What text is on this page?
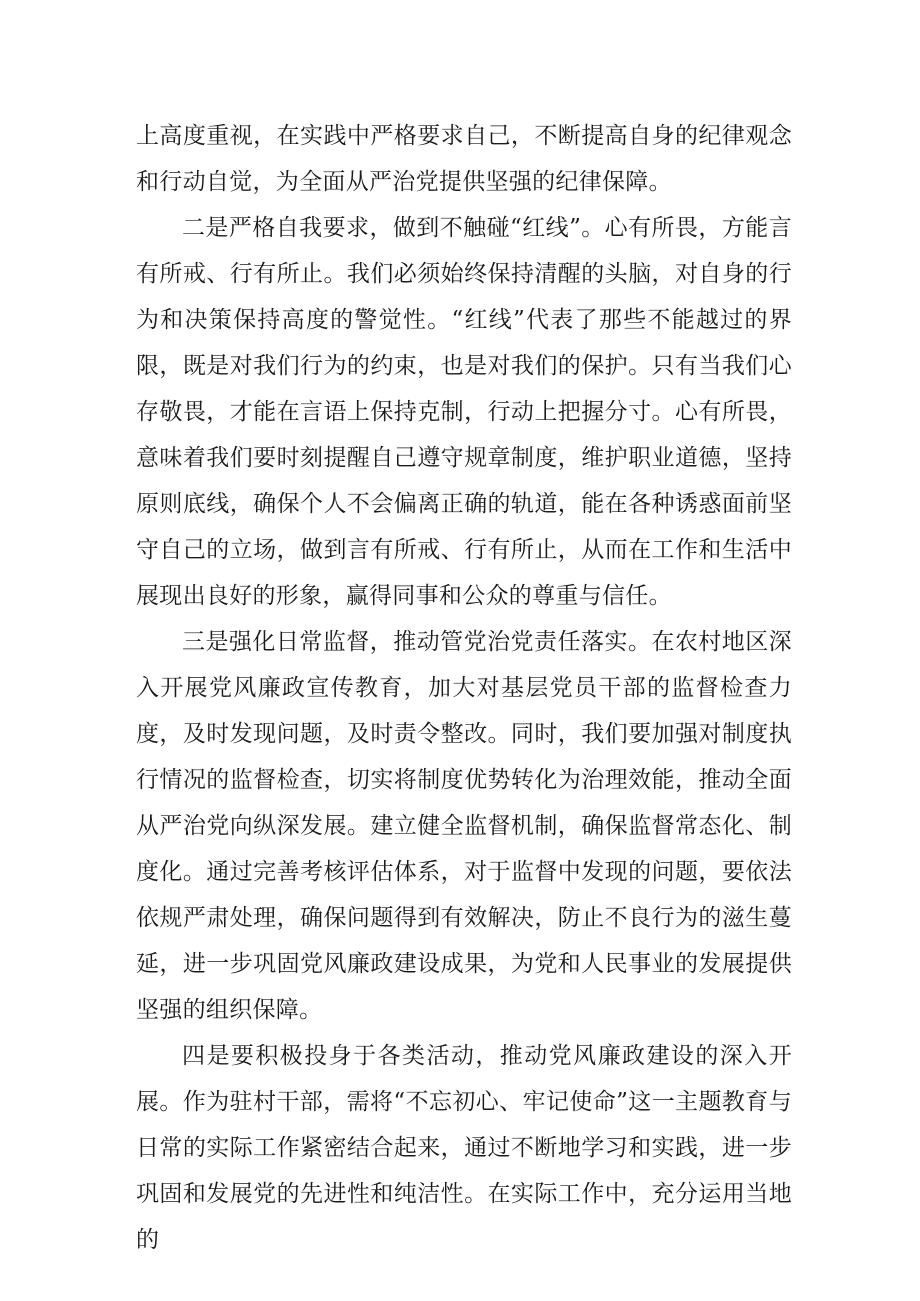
上高度重视，在实践中严格要求自己，不断提高自身的纪律观念和行动自觉，为全面从严治党提供坚强的纪律保障。

二是严格自我要求，做到不触碰“红线”。心有所畏，方能言有所戒、行有所止。我们必须始终保持清醒的头脑，对自身的行为和决策保持高度的警觉性。“红线”代表了那些不能越过的界限，既是对我们行为的约束，也是对我们的保护。只有当我们心存敬畏，才能在言语上保持克制，行动上把握分寸。心有所畏，意味着我们要时刻提醒自己遵守规章制度，维护职业道德，坚持原则底线，确保个人不会偏离正确的轨道，能在各种诱惑面前坚守自己的立场，做到言有所戒、行有所止，从而在工作和生活中展现出良好的形象，赢得同事和公众的尊重与信任。

三是强化日常监督，推动管党治党责任落实。在农村地区深入开展党风廉政宣传教育，加大对基层党员干部的监督检查力度，及时发现问题，及时责令整改。同时，我们要加强对制度执行情况的监督检查，切实将制度优势转化为治理效能，推动全面从严治党向纵深发展。建立健全监督机制，确保监督常态化、制度化。通过完善考核评估体系，对于监督中发现的问题，要依法依规严肃处理，确保问题得到有效解决，防止不良行为的滋生蔓延，进一步巩固党风廉政建设成果，为党和人民事业的发展提供坚强的组织保障。

四是要积极投身于各类活动，推动党风廉政建设的深入开展。作为驻村干部，需将“不忘初心、牢记使命”这一主题教育与日常的实际工作紧密结合起来，通过不断地学习和实践，进一步巩固和发展党的先进性和纯洁性。在实际工作中，充分运用当地的
